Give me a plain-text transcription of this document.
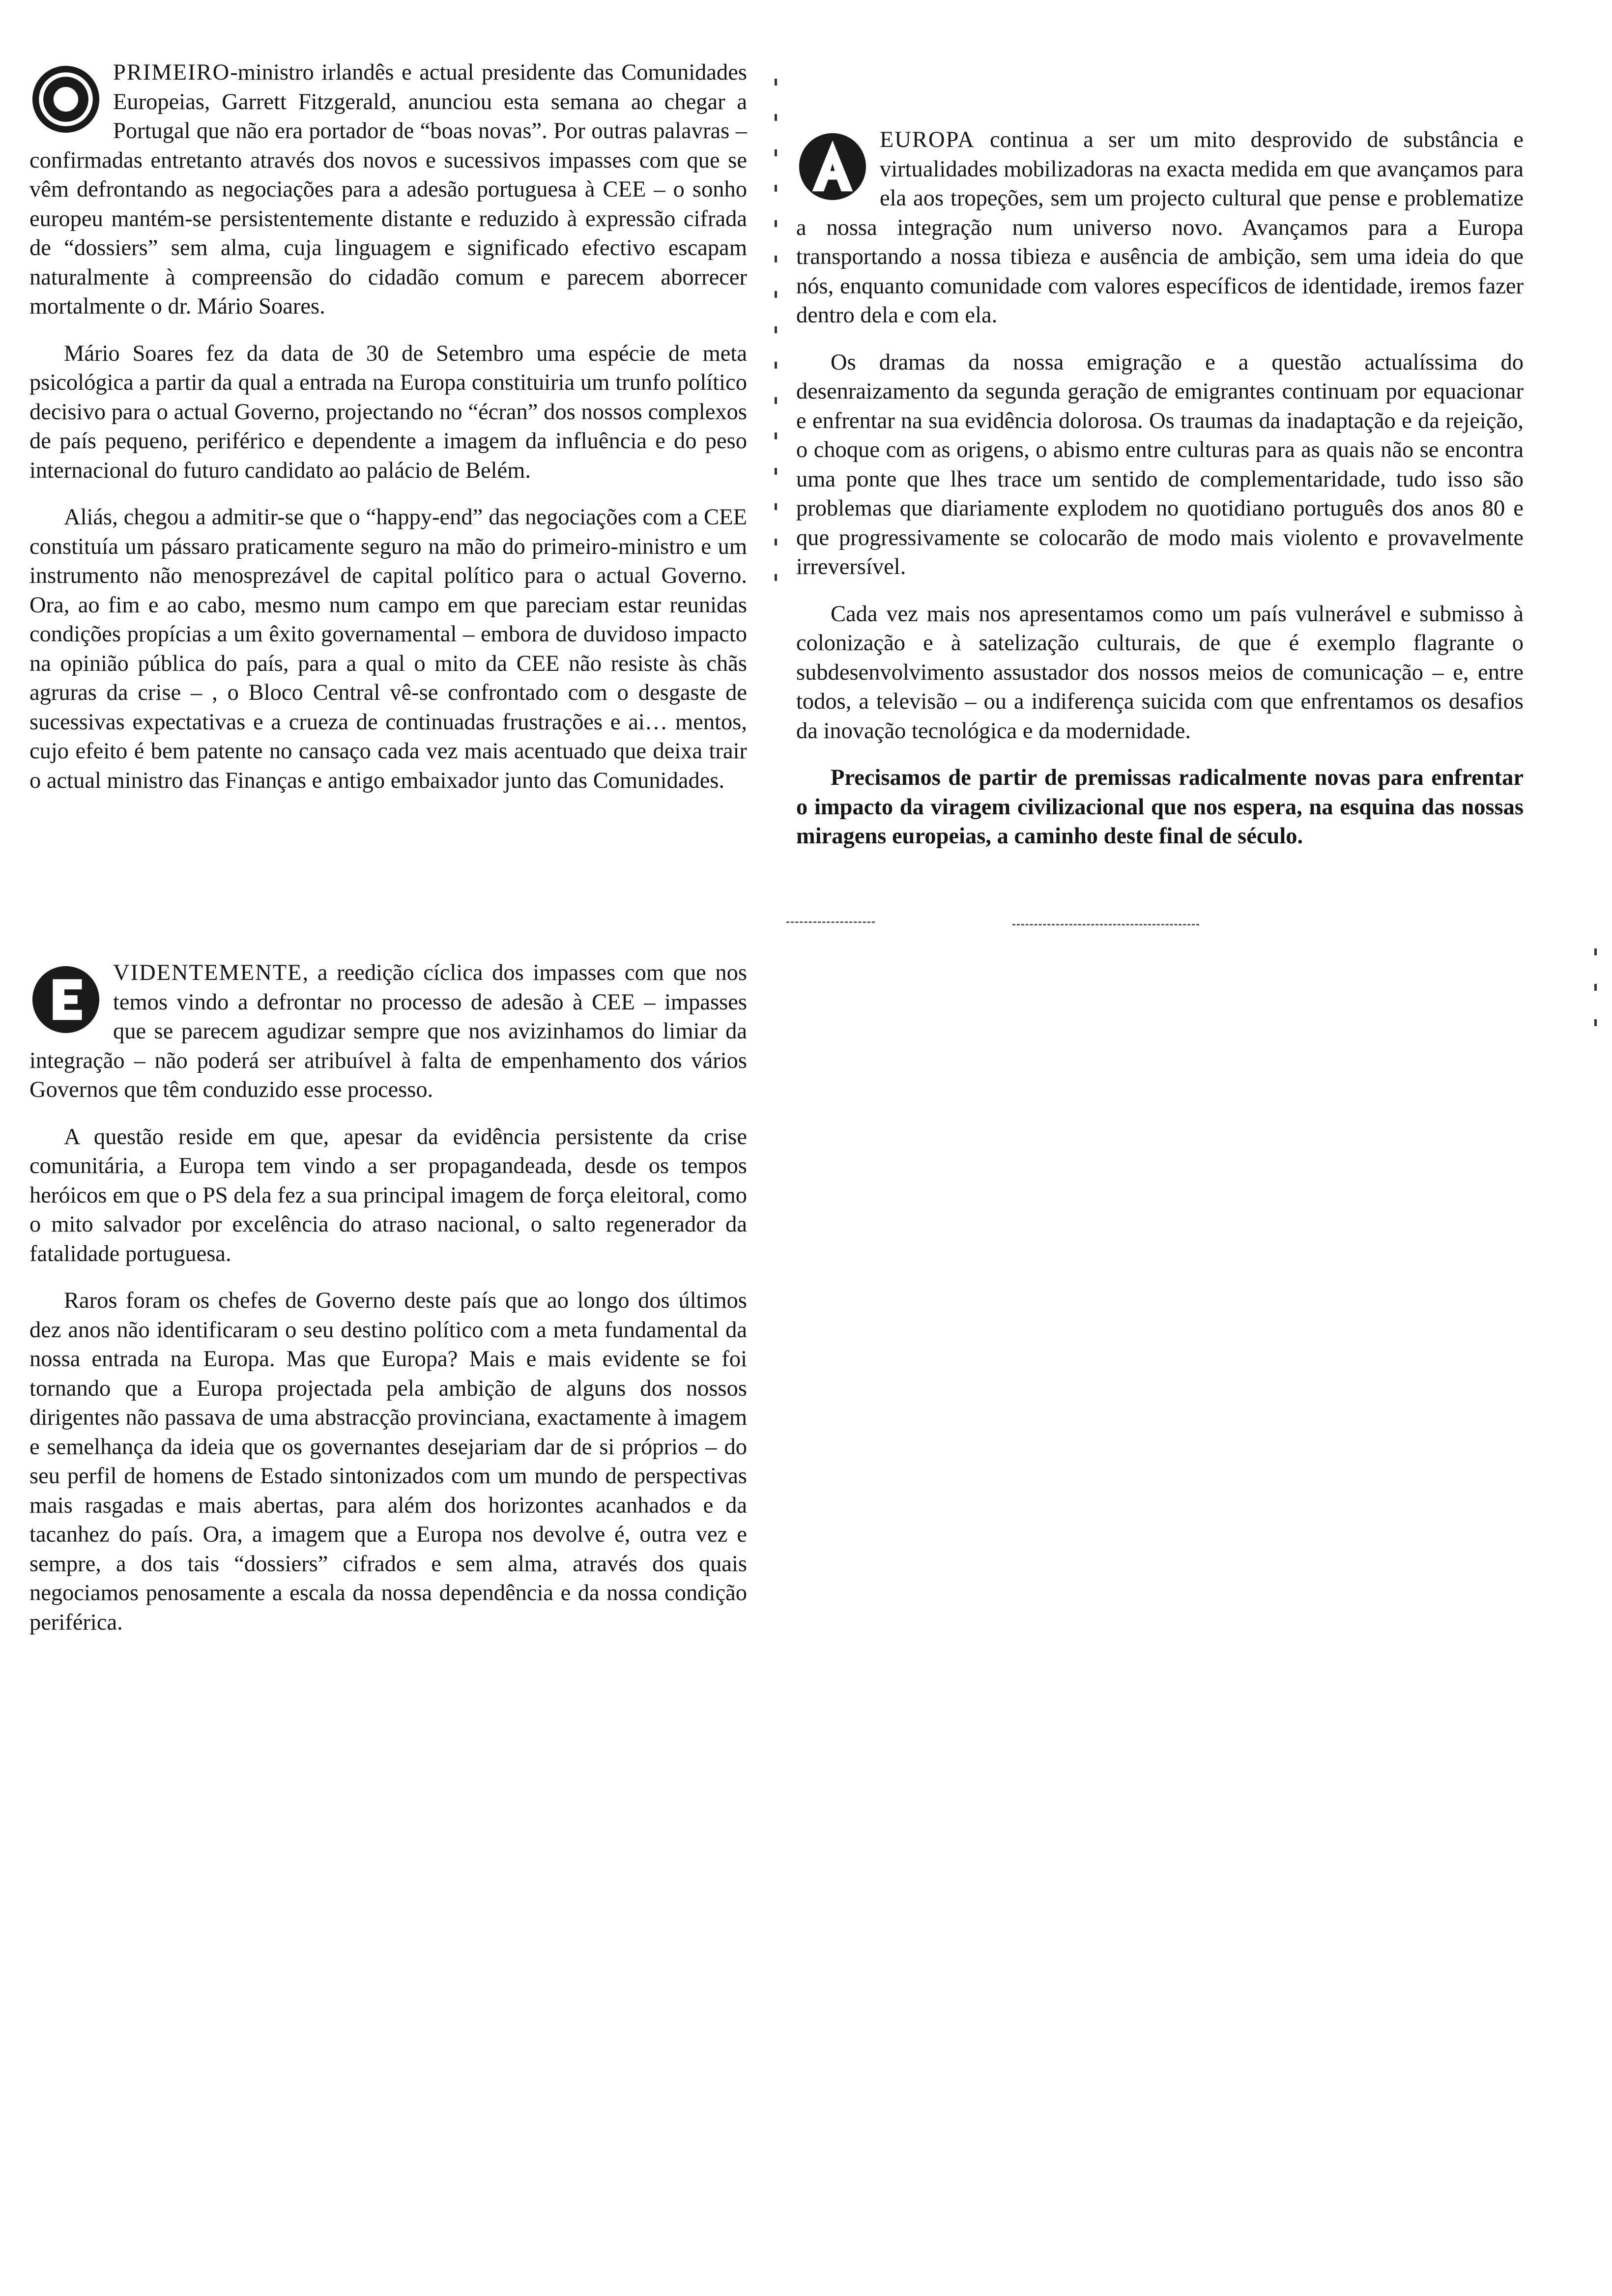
PRIMEIRO-ministro irlandês e actual presidente das Comunidades Europeias, Garrett Fitzgerald, anunciou esta semana ao chegar a Portugal que não era portador de “boas novas”. Por outras palavras – confirmadas entretanto através dos novos e sucessivos impasses com que se vêm defrontando as negociações para a adesão portuguesa à CEE – o sonho europeu mantém-se persistentemente distante e reduzido à expressão cifrada de “dossiers” sem alma, cuja linguagem e significado efectivo escapam naturalmente à compreensão do cidadão comum e parecem aborrecer mortalmente o dr. Mário Soares.

Mário Soares fez da data de 30 de Setembro uma espécie de meta psicológica a partir da qual a entrada na Europa constituiria um trunfo político decisivo para o actual Governo, projectando no “écran” dos nossos complexos de país pequeno, periférico e dependente a imagem da influência e do peso internacional do futuro candidato ao palácio de Belém.

Aliás, chegou a admitir-se que o “happy-end” das negociações com a CEE constituía um pássaro praticamente seguro na mão do primeiro-ministro e um instrumento não menosprezável de capital político para o actual Governo. Ora, ao fim e ao cabo, mesmo num campo em que pareciam estar reunidas condições propícias a um êxito governamental – embora de duvidoso impacto na opinião pública do país, para a qual o mito da CEE não resiste às chãs agruras da crise – , o Bloco Central vê-se confrontado com o desgaste de sucessivas expectativas e a crueza de continuadas frustrações e ai… mentos, cujo efeito é bem patente no cansaço cada vez mais acentuado que deixa trair o actual ministro das Finanças e antigo embaixador junto das Comunidades.

VIDENTEMENTE, a reedição cíclica dos impasses com que nos temos vindo a defrontar no processo de adesão à CEE – impasses que se parecem agudizar sempre que nos avizinhamos do limiar da integração – não poderá ser atribuível à falta de empenhamento dos vários Governos que têm conduzido esse processo.

A questão reside em que, apesar da evidência persistente da crise comunitária, a Europa tem vindo a ser propagandeada, desde os tempos heróicos em que o PS dela fez a sua principal imagem de força eleitoral, como o mito salvador por excelência do atraso nacional, o salto regenerador da fatalidade portuguesa.

Raros foram os chefes de Governo deste país que ao longo dos últimos dez anos não identificaram o seu destino político com a meta fundamental da nossa entrada na Europa. Mas que Europa? Mais e mais evidente se foi tornando que a Europa projectada pela ambição de alguns dos nossos dirigentes não passava de uma abstracção provinciana, exactamente à imagem e semelhança da ideia que os governantes desejariam dar de si próprios – do seu perfil de homens de Estado sintonizados com um mundo de perspectivas mais rasgadas e mais abertas, para além dos horizontes acanhados e da tacanhez do país. Ora, a imagem que a Europa nos devolve é, outra vez e sempre, a dos tais “dossiers” cifrados e sem alma, através dos quais negociamos penosamente a escala da nossa dependência e da nossa condição periférica.

EUROPA continua a ser um mito desprovido de substância e virtualidades mobilizadoras na exacta medida em que avançamos para ela aos tropeções, sem um projecto cultural que pense e problematize a nossa integração num universo novo. Avançamos para a Europa transportando a nossa tibieza e ausência de ambição, sem uma ideia do que nós, enquanto comunidade com valores específicos de identidade, iremos fazer dentro dela e com ela.

Os dramas da nossa emigração e a questão actualíssima do desenraizamento da segunda geração de emigrantes continuam por equacionar e enfrentar na sua evidência dolorosa. Os traumas da inadaptação e da rejeição, o choque com as origens, o abismo entre culturas para as quais não se encontra uma ponte que lhes trace um sentido de complementaridade, tudo isso são problemas que diariamente explodem no quotidiano português dos anos 80 e que progressivamente se colocarão de modo mais violento e provavelmente irreversível.

Cada vez mais nos apresentamos como um país vulnerável e submisso à colonização e à satelização culturais, de que é exemplo flagrante o subdesenvolvimento assustador dos nossos meios de comunicação – e, entre todos, a televisão – ou a indiferença suicida com que enfrentamos os desafios da inovação tecnológica e da modernidade.

Precisamos de partir de premissas radicalmente novas para enfrentar o impacto da viragem civilizacional que nos espera, na esquina das nossas miragens europeias, a caminho deste final de século.
